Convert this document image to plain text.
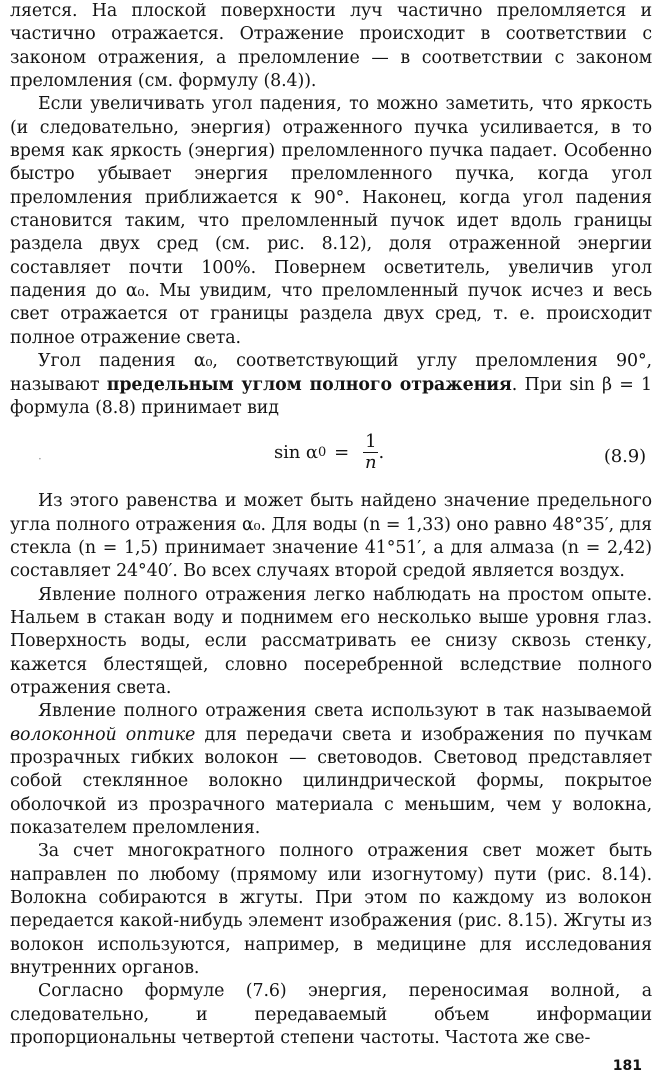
ляется. На плоской поверхности луч частично преломляется и частично отражается. Отражение происходит в соответствии с законом отражения, а преломление — в соответствии с законом преломления (см. формулу (8.4)).

Если увеличивать угол падения, то можно заметить, что яркость (и следовательно, энергия) отраженного пучка усиливается, в то время как яркость (энергия) преломленного пучка падает. Особенно быстро убывает энергия преломленного пучка, когда угол преломления приближается к 90°. Наконец, когда угол падения становится таким, что преломленный пучок идет вдоль границы раздела двух сред (см. рис. 8.12), доля отраженной энергии составляет почти 100%. Повернем осветитель, увеличив угол падения до α₀. Мы увидим, что преломленный пучок исчез и весь свет отражается от границы раздела двух сред, т. е. происходит полное отражение света.

Угол падения α₀, соответствующий углу преломления 90°, называют предельным углом полного отражения. При sin β = 1 формула (8.8) принимает вид

·	sin α $0 = \frac{1}{n}$ .	(8.9)

Из этого равенства и может быть найдено значение предельного угла полного отражения α₀. Для воды (n = 1,33) оно равно 48°35′, для стекла (n = 1,5) принимает значение 41°51′, а для алмаза (n = 2,42) составляет 24°40′. Во всех случаях второй средой является воздух.

Явление полного отражения легко наблюдать на простом опыте. Нальем в стакан воду и поднимем его несколько выше уровня глаз. Поверхность воды, если рассматривать ее снизу сквозь стенку, кажется блестящей, словно посеребренной вследствие полного отражения света.

Явление полного отражения света используют в так называемой волоконной оптике для передачи света и изображения по пучкам прозрачных гибких волокон — световодов. Световод представляет собой стеклянное волокно цилиндрической формы, покрытое оболочкой из прозрачного материала с меньшим, чем у волокна, показателем преломления.

За счет многократного полного отражения свет может быть направлен по любому (прямому или изогнутому) пути (рис. 8.14). Волокна собираются в жгуты. При этом по каждому из волокон передается какой-нибудь элемент изображения (рис. 8.15). Жгуты из волокон используются, например, в медицине для исследования внутренних органов.

Согласно формуле (7.6) энергия, переносимая волной, а следовательно, и передаваемый объем информации пропорциональны четвертой степени частоты. Частота же све-

181
